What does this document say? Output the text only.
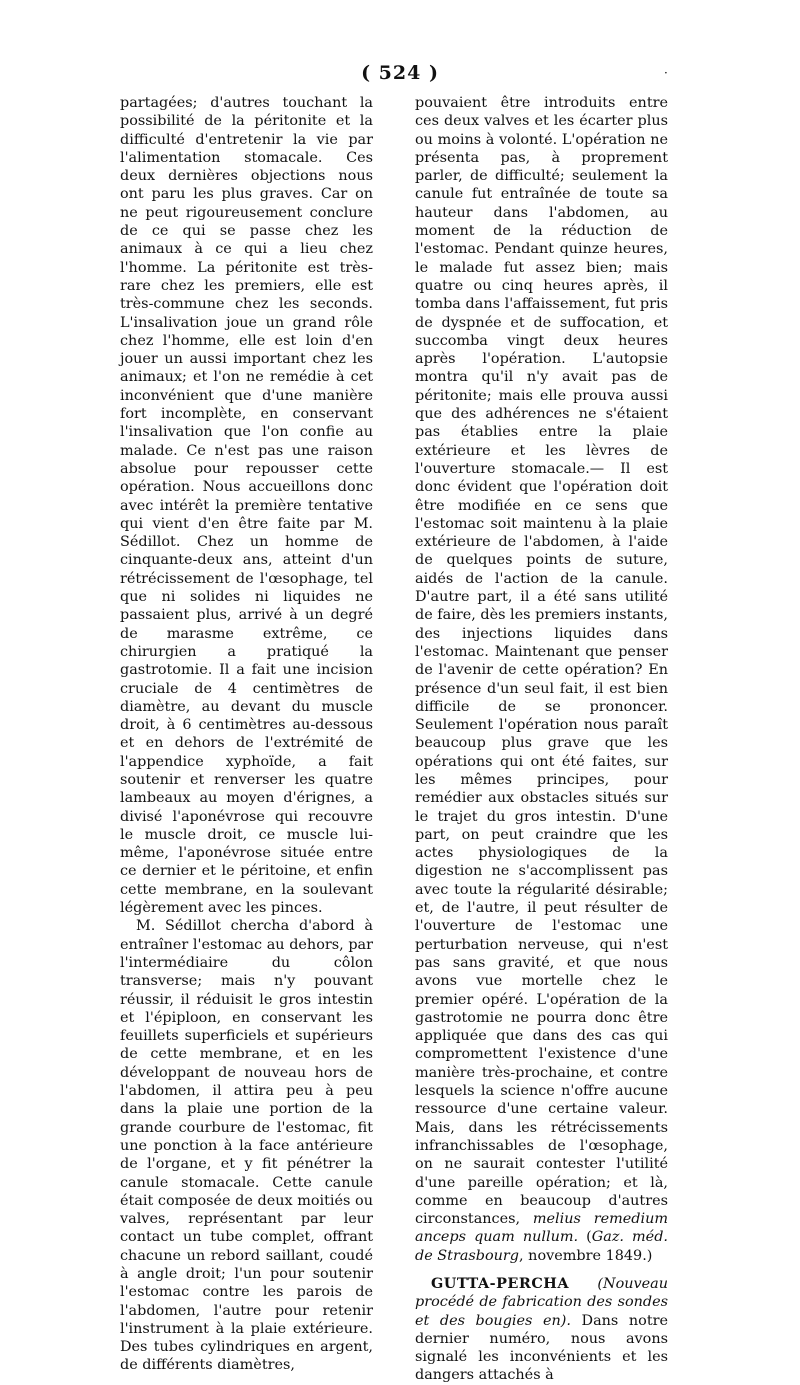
( 524 )	·

partagées; d'autres touchant la possibilité de la péritonite et la difficulté d'entretenir la vie par l'alimentation stomacale. Ces deux dernières objections nous ont paru les plus graves. Car on ne peut rigoureusement conclure de ce qui se passe chez les animaux à ce qui a lieu chez l'homme. La péritonite est très-rare chez les premiers, elle est très-commune chez les seconds. L'insalivation joue un grand rôle chez l'homme, elle est loin d'en jouer un aussi important chez les animaux; et l'on ne remédie à cet inconvénient que d'une manière fort incomplète, en conservant l'insalivation que l'on confie au malade. Ce n'est pas une raison absolue pour repousser cette opération. Nous accueillons donc avec intérêt la première tentative qui vient d'en être faite par M. Sédillot. Chez un homme de cinquante-deux ans, atteint d'un rétrécissement de l'œsophage, tel que ni solides ni liquides ne passaient plus, arrivé à un degré de marasme extrême, ce chirurgien a pratiqué la gastrotomie. Il a fait une incision cruciale de 4 centimètres de diamètre, au devant du muscle droit, à 6 centimètres au-dessous et en dehors de l'extrémité de l'appendice xyphoïde, a fait soutenir et renverser les quatre lambeaux au moyen d'érignes, a divisé l'aponévrose qui recouvre le muscle droit, ce muscle lui-même, l'aponévrose située entre ce dernier et le péritoine, et enfin cette membrane, en la soulevant légèrement avec les pinces.

M. Sédillot chercha d'abord à entraîner l'estomac au dehors, par l'intermédiaire du côlon transverse; mais n'y pouvant réussir, il réduisit le gros intestin et l'épiploon, en conservant les feuillets superficiels et supérieurs de cette membrane, et en les développant de nouveau hors de l'abdomen, il attira peu à peu dans la plaie une portion de la grande courbure de l'estomac, fit une ponction à la face antérieure de l'organe, et y fit pénétrer la canule stomacale. Cette canule était composée de deux moitiés ou valves, représentant par leur contact un tube complet, offrant chacune un rebord saillant, coudé à angle droit; l'un pour soutenir l'estomac contre les parois de l'abdomen, l'autre pour retenir l'instrument à la plaie extérieure. Des tubes cylindriques en argent, de différents diamètres,

pouvaient être introduits entre ces deux valves et les écarter plus ou moins à volonté. L'opération ne présenta pas, à proprement parler, de difficulté; seulement la canule fut entraînée de toute sa hauteur dans l'abdomen, au moment de la réduction de l'estomac. Pendant quinze heures, le malade fut assez bien; mais quatre ou cinq heures après, il tomba dans l'affaissement, fut pris de dyspnée et de suffocation, et succomba vingt deux heures après l'opération. L'autopsie montra qu'il n'y avait pas de péritonite; mais elle prouva aussi que des adhérences ne s'étaient pas établies entre la plaie extérieure et les lèvres de l'ouverture stomacale.— Il est donc évident que l'opération doit être modifiée en ce sens que l'estomac soit maintenu à la plaie extérieure de l'abdomen, à l'aide de quelques points de suture, aidés de l'action de la canule. D'autre part, il a été sans utilité de faire, dès les premiers instants, des injections liquides dans l'estomac. Maintenant que penser de l'avenir de cette opération? En présence d'un seul fait, il est bien difficile de se prononcer. Seulement l'opération nous paraît beaucoup plus grave que les opérations qui ont été faites, sur les mêmes principes, pour remédier aux obstacles situés sur le trajet du gros intestin. D'une part, on peut craindre que les actes physiologiques de la digestion ne s'accomplissent pas avec toute la régularité désirable; et, de l'autre, il peut résulter de l'ouverture de l'estomac une perturbation nerveuse, qui n'est pas sans gravité, et que nous avons vue mortelle chez le premier opéré. L'opération de la gastrotomie ne pourra donc être appliquée que dans des cas qui compromettent l'existence d'une manière très-prochaine, et contre lesquels la science n'offre aucune ressource d'une certaine valeur. Mais, dans les rétrécissements infranchissables de l'œsophage, on ne saurait contester l'utilité d'une pareille opération; et là, comme en beaucoup d'autres circonstances, melius remedium anceps quam nullum. (Gaz. méd. de Strasbourg, novembre 1849.)

GUTTA-PERCHA (Nouveau procédé de fabrication des sondes et des bougies en). Dans notre dernier numéro, nous avons signalé les inconvénients et les dangers attachés à
